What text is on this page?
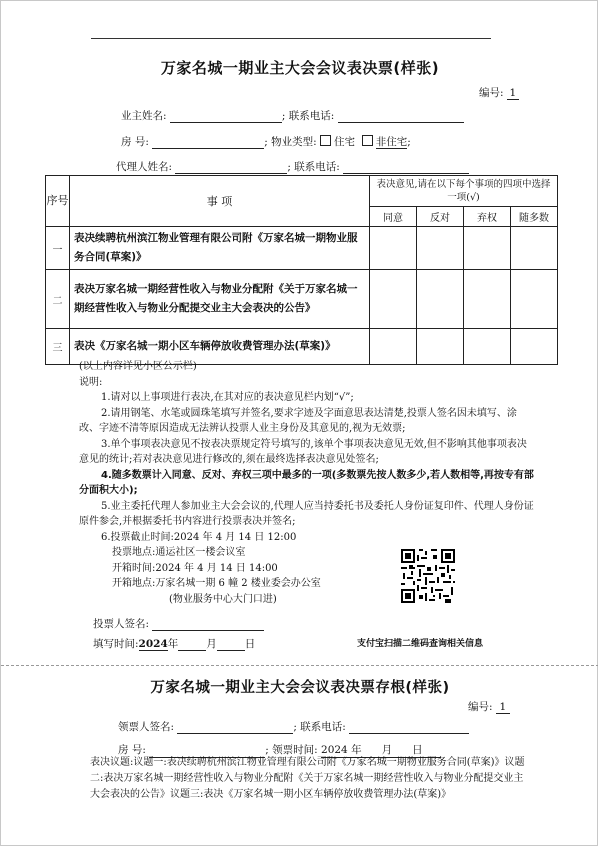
万家名城一期业主大会会议表决票(样张)
编号: 1
业主姓名:	; 联系电话:
房 号:	; 物业类型: 住宅 非住宅;
代理人姓名:	; 联系电话:
序号	事 项	表决意见,请在以下每个事项的四项中选择一项(√)			
		同意	反对	弃权	随多数
一	表决续聘杭州滨江物业管理有限公司附《万家名城一期物业服务合同(草案)》				
二	表决万家名城一期经营性收入与物业分配附《关于万家名城一期经营性收入与物业分配提交业主大会表决的公告》				
三	表决《万家名城一期小区车辆停放收费管理办法(草案)》				

(以上内容详见小区公示栏)

说明:

1.请对以上事项进行表决,在其对应的表决意见栏内划“√”;

2.请用钢笔、水笔或圆珠笔填写并签名,要求字迹及字面意思表达清楚,投票人签名因未填写、涂改、字迹不清等原因造成无法辨认投票人业主身份及其意见的,视为无效票;

3.单个事项表决意见不按表决票规定符号填写的,该单个事项表决意见无效,但不影响其他事项表决意见的统计;若对表决意见进行修改的,须在最终选择表决意见处签名;

4.随多数票计入同意、反对、弃权三项中最多的一项(多数票先按人数多少,若人数相等,再按专有部分面积大小);

5.业主委托代理人参加业主大会会议的,代理人应当持委托书及委托人身份证复印件、代理人身份证原件参会,并根据委托书内容进行投票表决并签名;

6.投票截止时间:2024 年 4 月 14 日 12:00

投票地点:通运社区一楼会议室

开箱时间:2024 年 4 月 14 日 14:00

开箱地点:万家名城一期 6 幢 2 楼业委会办公室

(物业服务中心大门口进)

支付宝扫描二维码查询相关信息
投票人签名:
填写时间:2024年	月	日
万家名城一期业主大会会议表决票存根(样张)
编号: 1
领票人签名:	; 联系电话:
房 号:	; 领票时间: 2024 年 月 日
表决议题:议题一:表决续聘杭州滨江物业管理有限公司附《万家名城一期物业服务合同(草案)》议题二:表决万家名城一期经营性收入与物业分配附《关于万家名城一期经营性收入与物业分配提交业主大会表决的公告》议题三:表决《万家名城一期小区车辆停放收费管理办法(草案)》
